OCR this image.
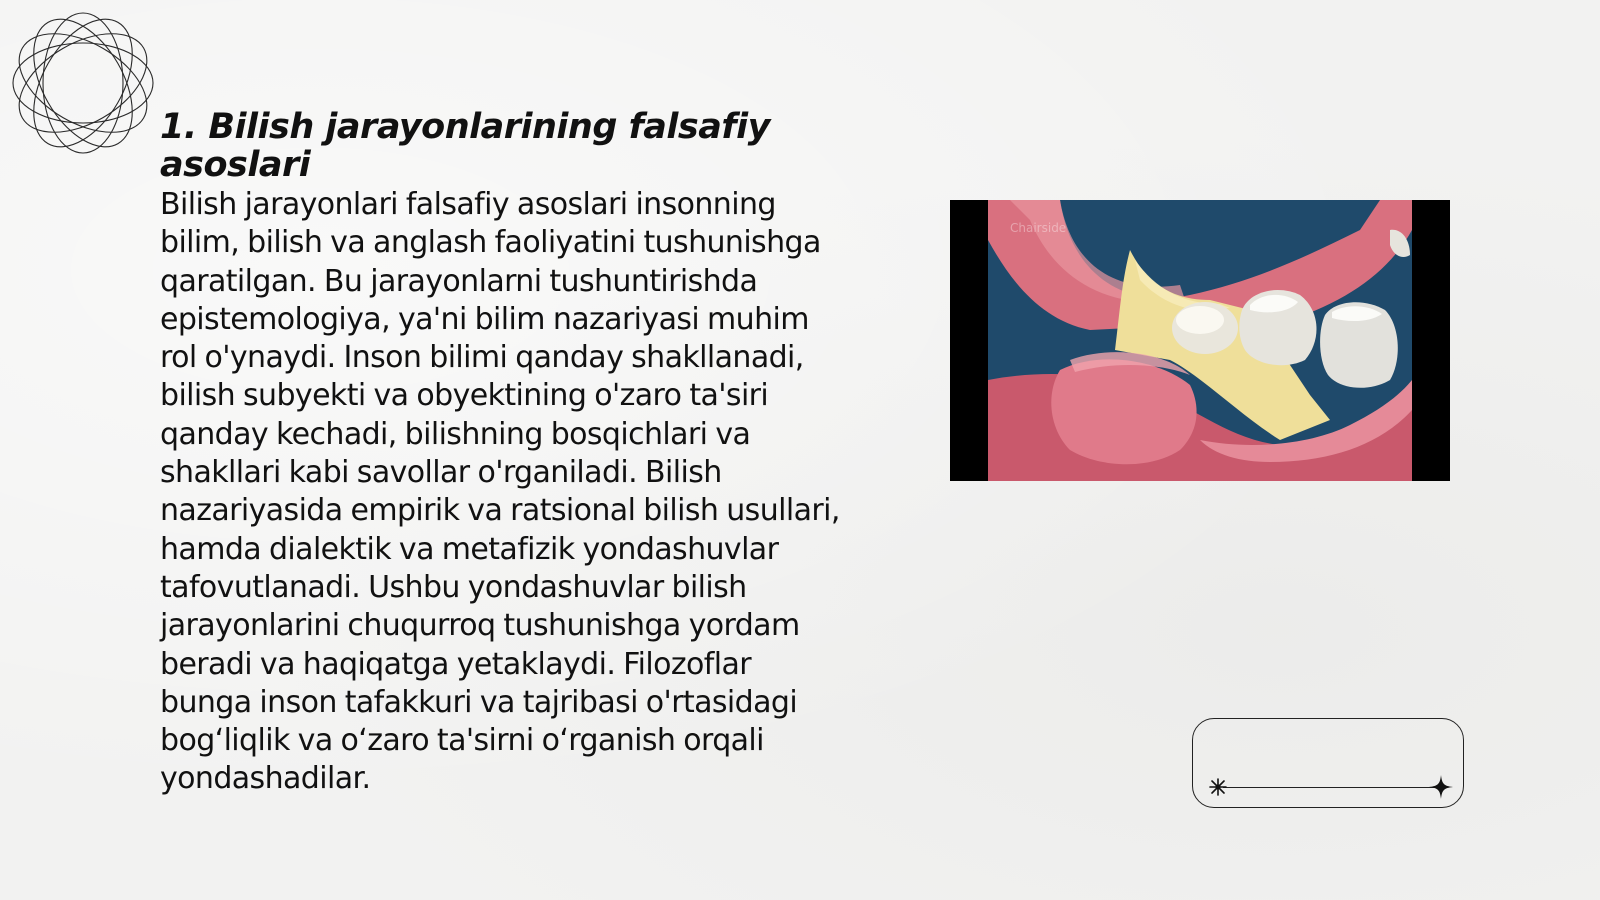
1. Bilish jarayonlarining falsafiy asoslari

Bilish jarayonlari falsafiy asoslari insonning bilim, bilish va anglash faoliyatini tushunishga qaratilgan. Bu jarayonlarni tushuntirishda epistemologiya, ya'ni bilim nazariyasi muhim rol o'ynaydi. Inson bilimi qanday shakllanadi, bilish subyekti va obyektining o'zaro ta'siri qanday kechadi, bilishning bosqichlari va shakllari kabi savollar o'rganiladi. Bilish nazariyasida empirik va ratsional bilish usullari, hamda dialektik va metafizik yondashuvlar tafovutlanadi. Ushbu yondashuvlar bilish jarayonlarini chuqurroq tushunishga yordam beradi va haqiqatga yetaklaydi. Filozoflar bunga inson tafakkuri va tajribasi o'rtasidagi bog‘liqlik va o‘zaro ta'sirni o‘rganish orqali yondashadilar.

Chairside
